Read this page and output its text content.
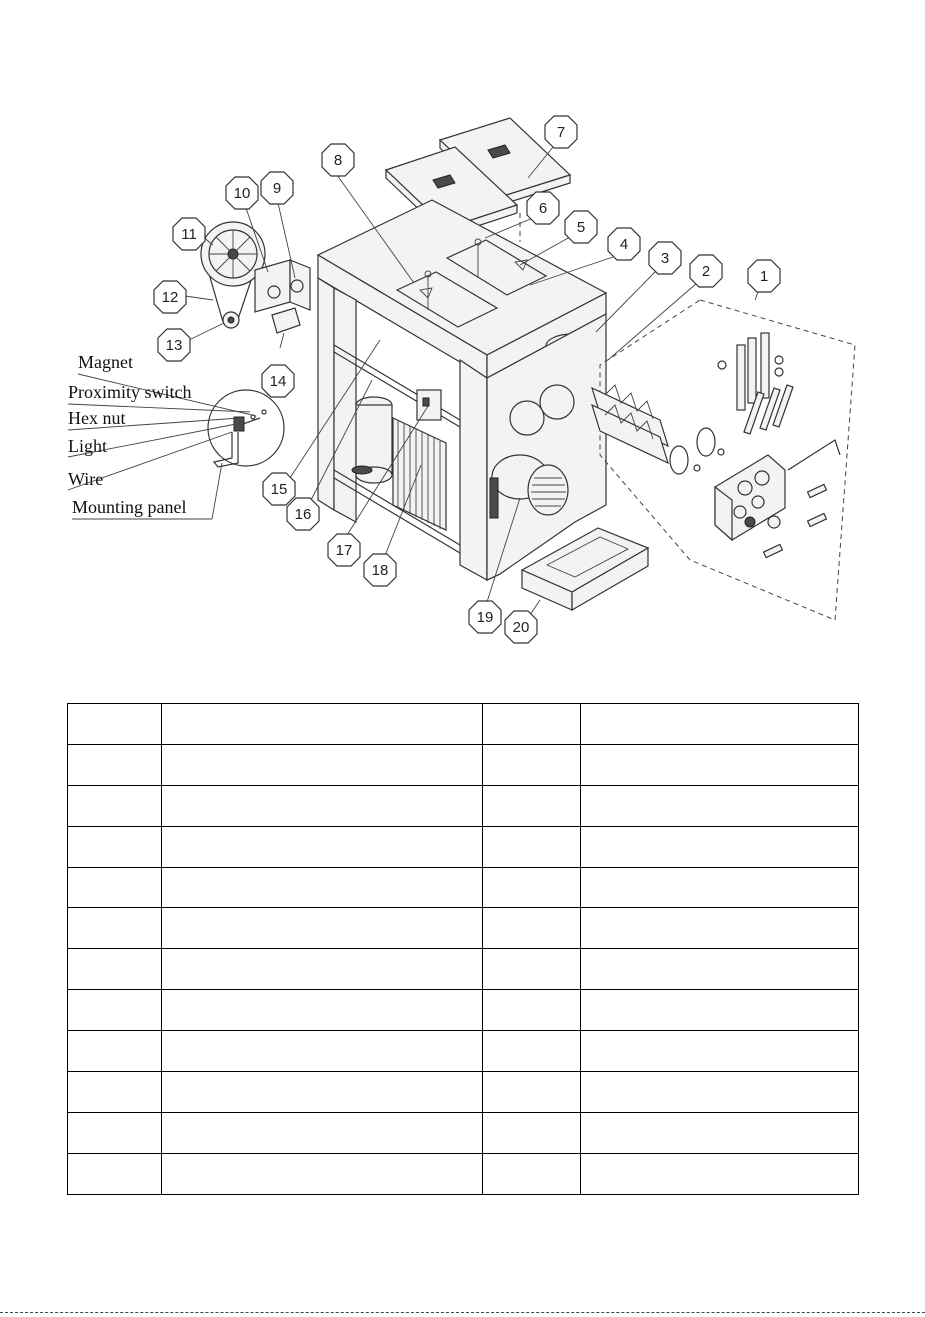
Magnet
Proximity switch
Hex nut
Light
Wire
Mounting panel
1
2
3
4
5
6
7
8
9
10
11
12
13
14
15
16
17
18
19
20
